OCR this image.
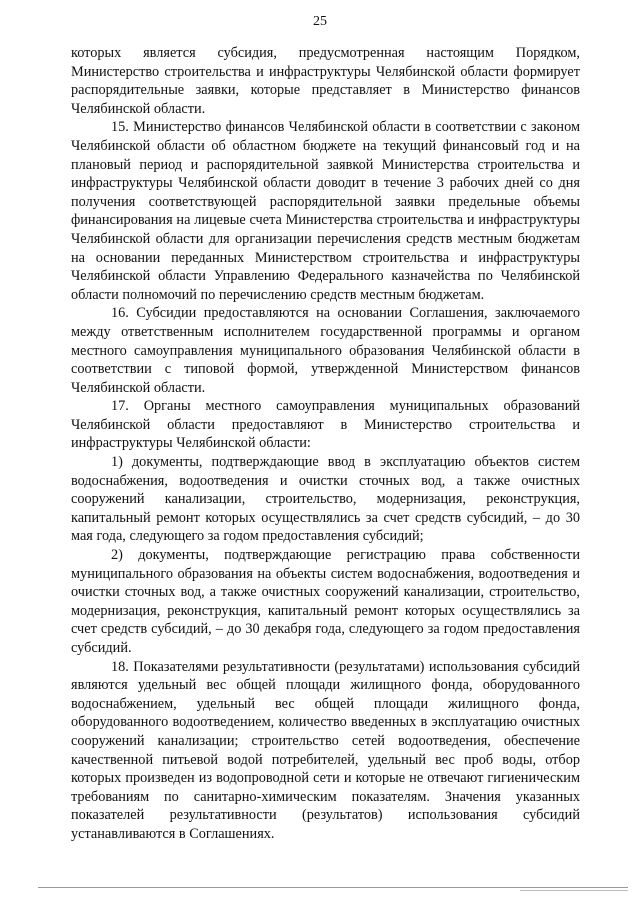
25

которых является субсидия, предусмотренная настоящим Порядком, Министерство строительства и инфраструктуры Челябинской области формирует распорядительные заявки, которые представляет в Министерство финансов Челябинской области.

15. Министерство финансов Челябинской области в соответствии с законом Челябинской области об областном бюджете на текущий финансовый год и на плановый период и распорядительной заявкой Министерства строительства и инфраструктуры Челябинской области доводит в течение 3 рабочих дней со дня получения соответствующей распорядительной заявки предельные объемы финансирования на лицевые счета Министерства строительства и инфраструктуры Челябинской области для организации перечисления средств местным бюджетам на основании переданных Министерством строительства и инфраструктуры Челябинской области Управлению Федерального казначейства по Челябинской области полномочий по перечислению средств местным бюджетам.

16. Субсидии предоставляются на основании Соглашения, заключаемого между ответственным исполнителем государственной программы и органом местного самоуправления муниципального образования Челябинской области в соответствии с типовой формой, утвержденной Министерством финансов Челябинской области.

17. Органы местного самоуправления муниципальных образований Челябинской области предоставляют в Министерство строительства и инфраструктуры Челябинской области:

1) документы, подтверждающие ввод в эксплуатацию объектов систем водоснабжения, водоотведения и очистки сточных вод, а также очистных сооружений канализации, строительство, модернизация, реконструкция, капитальный ремонт которых осуществлялись за счет средств субсидий, – до 30 мая года, следующего за годом предоставления субсидий;

2) документы, подтверждающие регистрацию права собственности муниципального образования на объекты систем водоснабжения, водоотведения и очистки сточных вод, а также очистных сооружений канализации, строительство, модернизация, реконструкция, капитальный ремонт которых осуществлялись за счет средств субсидий, – до 30 декабря года, следующего за годом предоставления субсидий.

18. Показателями результативности (результатами) использования субсидий являются удельный вес общей площади жилищного фонда, оборудованного водоснабжением, удельный вес общей площади жилищного фонда, оборудованного водоотведением, количество введенных в эксплуатацию очистных сооружений канализации; строительство сетей водоотведения, обеспечение качественной питьевой водой потребителей, удельный вес проб воды, отбор которых произведен из водопроводной сети и которые не отвечают гигиеническим требованиям по санитарно-химическим показателям. Значения указанных показателей результативности (результатов) использования субсидий устанавливаются в Соглашениях.
